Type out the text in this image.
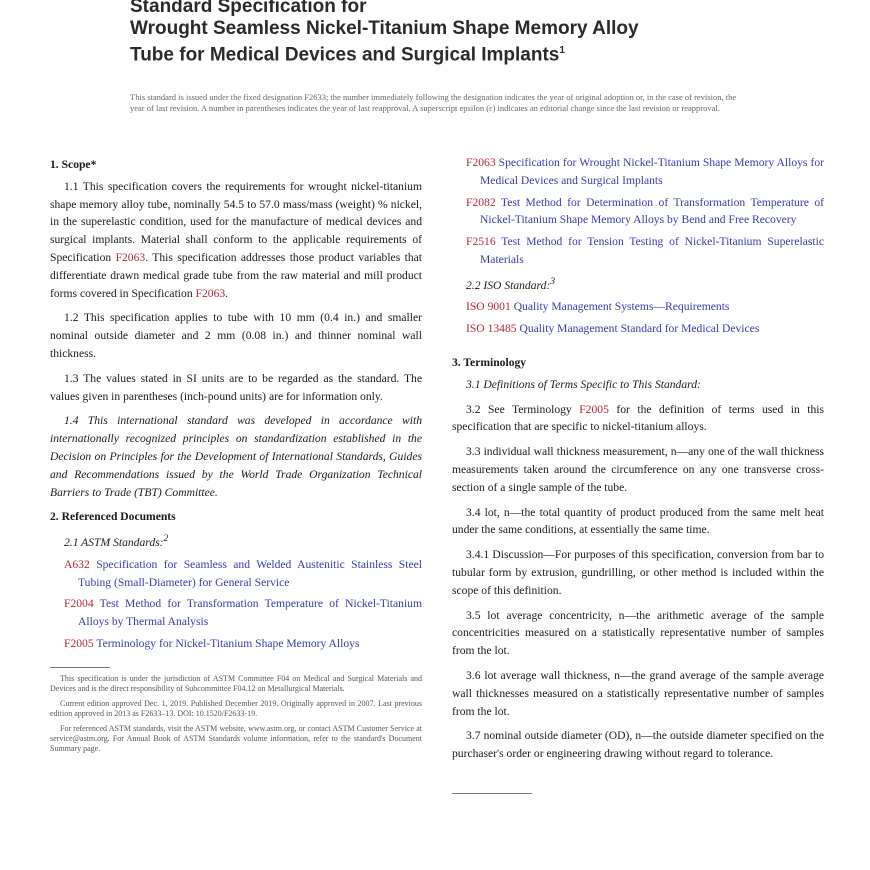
Standard Specification for
Wrought Seamless Nickel-Titanium Shape Memory Alloy
Tube for Medical Devices and Surgical Implants$^1$
This standard is issued under the fixed designation F2633; the number immediately following the designation indicates the year of original adoption or, in the case of revision, the year of last revision. A number in parentheses indicates the year of last reapproval. A superscript epsilon (ε) indicates an editorial change since the last revision or reapproval.
1. Scope*

1.1 This specification covers the requirements for wrought nickel-titanium shape memory alloy tube, nominally 54.5 to 57.0 mass/mass (weight) % nickel, in the superelastic condition, used for the manufacture of medical devices and surgical implants. Material shall conform to the applicable requirements of Specification F2063. This specification addresses those product variables that differentiate drawn medical grade tube from the raw material and mill product forms covered in Specification F2063.

1.2 This specification applies to tube with 10 mm (0.4 in.) and smaller nominal outside diameter and 2 mm (0.08 in.) and thinner nominal wall thickness.

1.3 The values stated in SI units are to be regarded as the standard. The values given in parentheses (inch-pound units) are for information only.

1.4 This international standard was developed in accordance with internationally recognized principles on standardization established in the Decision on Principles for the Development of International Standards, Guides and Recommendations issued by the World Trade Organization Technical Barriers to Trade (TBT) Committee.

2. Referenced Documents
2.1 ASTM Standards:$^2$
A632 Specification for Seamless and Welded Austenitic Stainless Steel Tubing (Small-Diameter) for General Service
F2004 Test Method for Transformation Temperature of Nickel-Titanium Alloys by Thermal Analysis
F2005 Terminology for Nickel-Titanium Shape Memory Alloys

This specification is under the jurisdiction of ASTM Committee F04 on Medical and Surgical Materials and Devices and is the direct responsibility of Subcommittee F04.12 on Metallurgical Materials.

Current edition approved Dec. 1, 2019. Published December 2019. Originally approved in 2007. Last previous edition approved in 2013 as F2633–13. DOI: 10.1520/F2633-19.

For referenced ASTM standards, visit the ASTM website, www.astm.org, or contact ASTM Customer Service at service@astm.org. For Annual Book of ASTM Standards volume information, refer to the standard's Document Summary page.

F2063 Specification for Wrought Nickel-Titanium Shape Memory Alloys for Medical Devices and Surgical Implants
F2082 Test Method for Determination of Transformation Temperature of Nickel-Titanium Shape Memory Alloys by Bend and Free Recovery
F2516 Test Method for Tension Testing of Nickel-Titanium Superelastic Materials
2.2 ISO Standard:$^3$
ISO 9001 Quality Management Systems—Requirements
ISO 13485 Quality Management Standard for Medical Devices
3. Terminology

3.1 Definitions of Terms Specific to This Standard:

3.2 See Terminology F2005 for the definition of terms used in this specification that are specific to nickel-titanium alloys.

3.3 individual wall thickness measurement, n—any one of the wall thickness measurements taken around the circumference on any one transverse cross-section of a single sample of the tube.

3.4 lot, n—the total quantity of product produced from the same melt heat under the same conditions, at essentially the same time.

3.4.1 Discussion—For purposes of this specification, conversion from bar to tubular form by extrusion, gundrilling, or other method is included within the scope of this definition.

3.5 lot average concentricity, n—the arithmetic average of the sample concentricities measured on a statistically representative number of samples from the lot.

3.6 lot average wall thickness, n—the grand average of the sample average wall thicknesses measured on a statistically representative number of samples from the lot.

3.7 nominal outside diameter (OD), n—the outside diameter specified on the purchaser's order or engineering drawing without regard to tolerance.
